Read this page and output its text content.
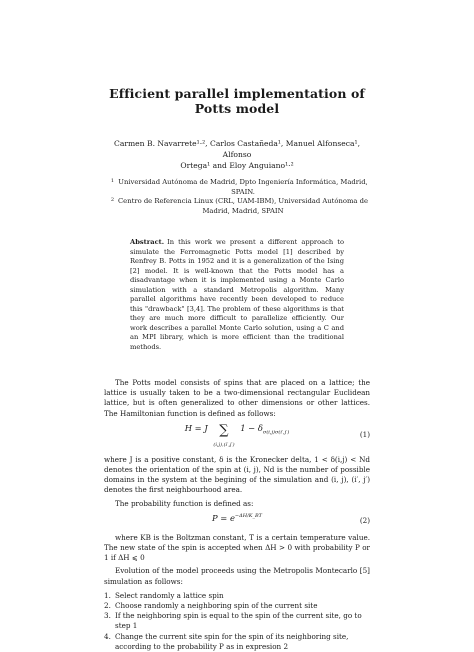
Efficient parallel implementation of Potts model
Carmen B. Navarrete¹·², Carlos Castañeda¹, Manuel Alfonseca¹, Alfonso
Ortega¹ and Eloy Anguiano¹·²
1 Universidad Autónoma de Madrid, Dpto Ingeniería Informática, Madrid, SPAIN.
2 Centro de Referencia Linux (CRL, UAM-IBM), Universidad Autónoma de Madrid, Madrid, SPAIN
Abstract. In this work we present a different approach to simulate the Ferromagnetic Potts model [1] described by Renfrey B. Potts in 1952 and it is a generalization of the Ising [2] model. It is well-known that the Potts model has a disadvantage when it is implemented using a Monte Carlo simulation with a standard Metropolis algorithm. Many parallel algorithms have recently been developed to reduce this "drawback" [3,4]. The problem of these algorithms is that they are much more difficult to parallelize efficiently. Our work describes a parallel Monte Carlo solution, using a C and an MPI library, which is more efficient than the traditional methods.

The Potts model consists of spins that are placed on a lattice; the lattice is usually taken to be a two-dimensional rectangular Euclidean lattice, but is often generalized to other dimensions or other lattices. The Hamiltonian function is defined as follows:

H = J ∑
(i,j),(i′,j′) $1 - \delta_{\sigma(i,j)\sigma(i',j')}$	(1)

where J is a positive constant, δ is the Kronecker delta, 1 < δ(i,j) < Nd denotes the orientation of the spin at (i, j), Nd is the number of possible domains in the system at the begining of the simulation and (i, j), (i′, j′) denotes the first neighbourhood area.

The probability function is defined as:

$P = e^{-\Delta H/K\_BT}$	(2)

where KB is the Boltzman constant, T is a certain temperature value. The new state of the spin is accepted when ΔH > 0 with probability P or 1 if ΔH ⩽ 0

Evolution of the model proceeds using the Metropolis Montecarlo [5] simulation as follows:

1. Select randomly a lattice spin
2. Choose randomly a neighboring spin of the current site
3. If the neighboring spin is equal to the spin of the current site, go to step 1
4. Change the current site spin for the spin of its neighboring site, according to the probability P as in expresion 2
